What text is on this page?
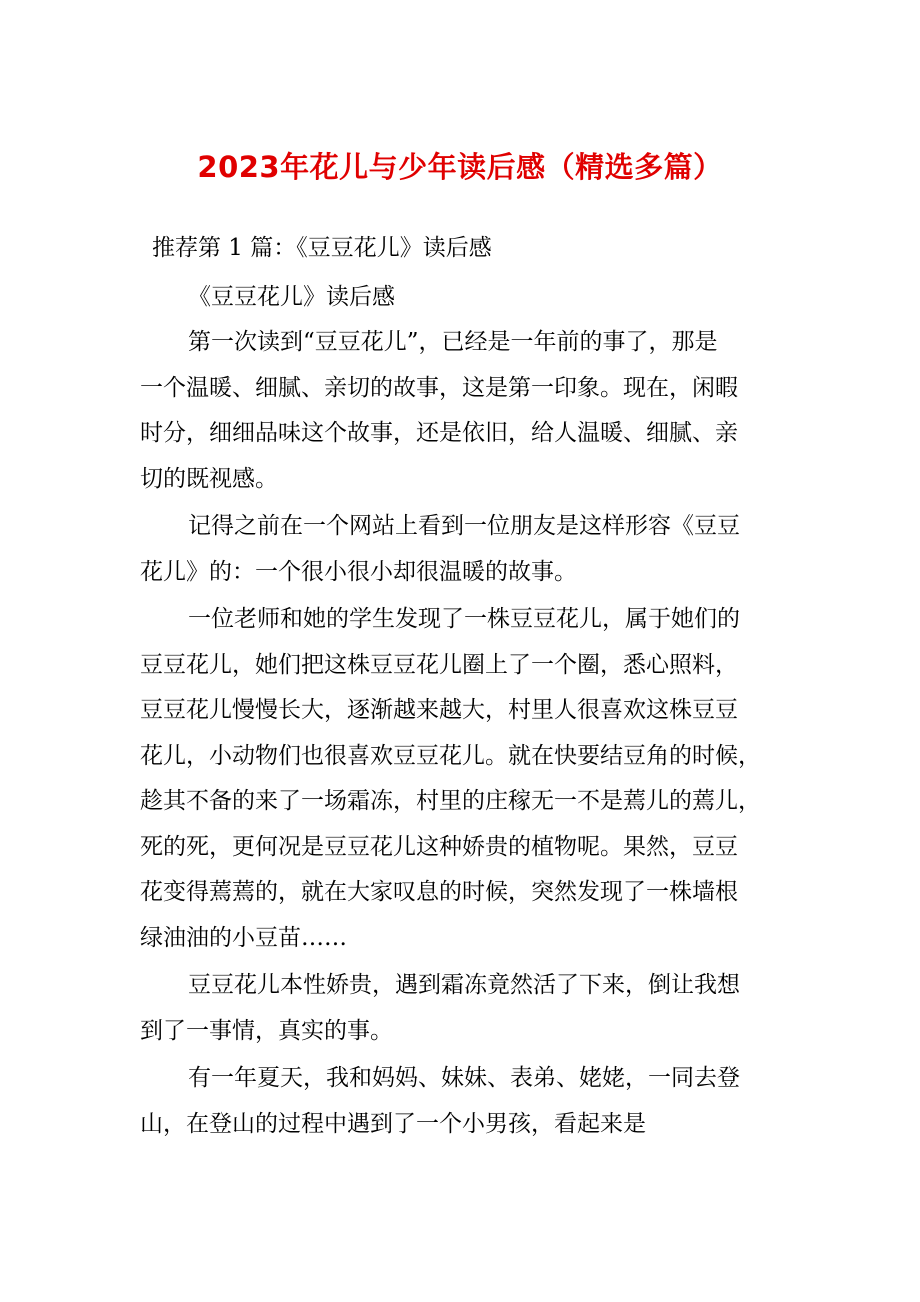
2023年花儿与少年读后感（精选多篇）
推荐第 1 篇：《豆豆花儿》读后感
《豆豆花儿》读后感

第一次读到“豆豆花儿”，已经是一年前的事了，那是
一个温暖、细腻、亲切的故事，这是第一印象。现在，闲暇
时分，细细品味这个故事，还是依旧，给人温暖、细腻、亲
切的既视感。

记得之前在一个网站上看到一位朋友是这样形容《豆豆
花儿》的：一个很小很小却很温暖的故事。

一位老师和她的学生发现了一株豆豆花儿，属于她们的
豆豆花儿，她们把这株豆豆花儿圈上了一个圈，悉心照料，
豆豆花儿慢慢长大，逐渐越来越大，村里人很喜欢这株豆豆
花儿，小动物们也很喜欢豆豆花儿。就在快要结豆角的时候，
趁其不备的来了一场霜冻，村里的庄稼无一不是蔫儿的蔫儿，
死的死，更何况是豆豆花儿这种娇贵的植物呢。果然，豆豆
花变得蔫蔫的，就在大家叹息的时候，突然发现了一株墙根
绿油油的小豆苗……

豆豆花儿本性娇贵，遇到霜冻竟然活了下来，倒让我想
到了一事情，真实的事。

有一年夏天，我和妈妈、妹妹、表弟、姥姥，一同去登
山，在登山的过程中遇到了一个小男孩，看起来是
